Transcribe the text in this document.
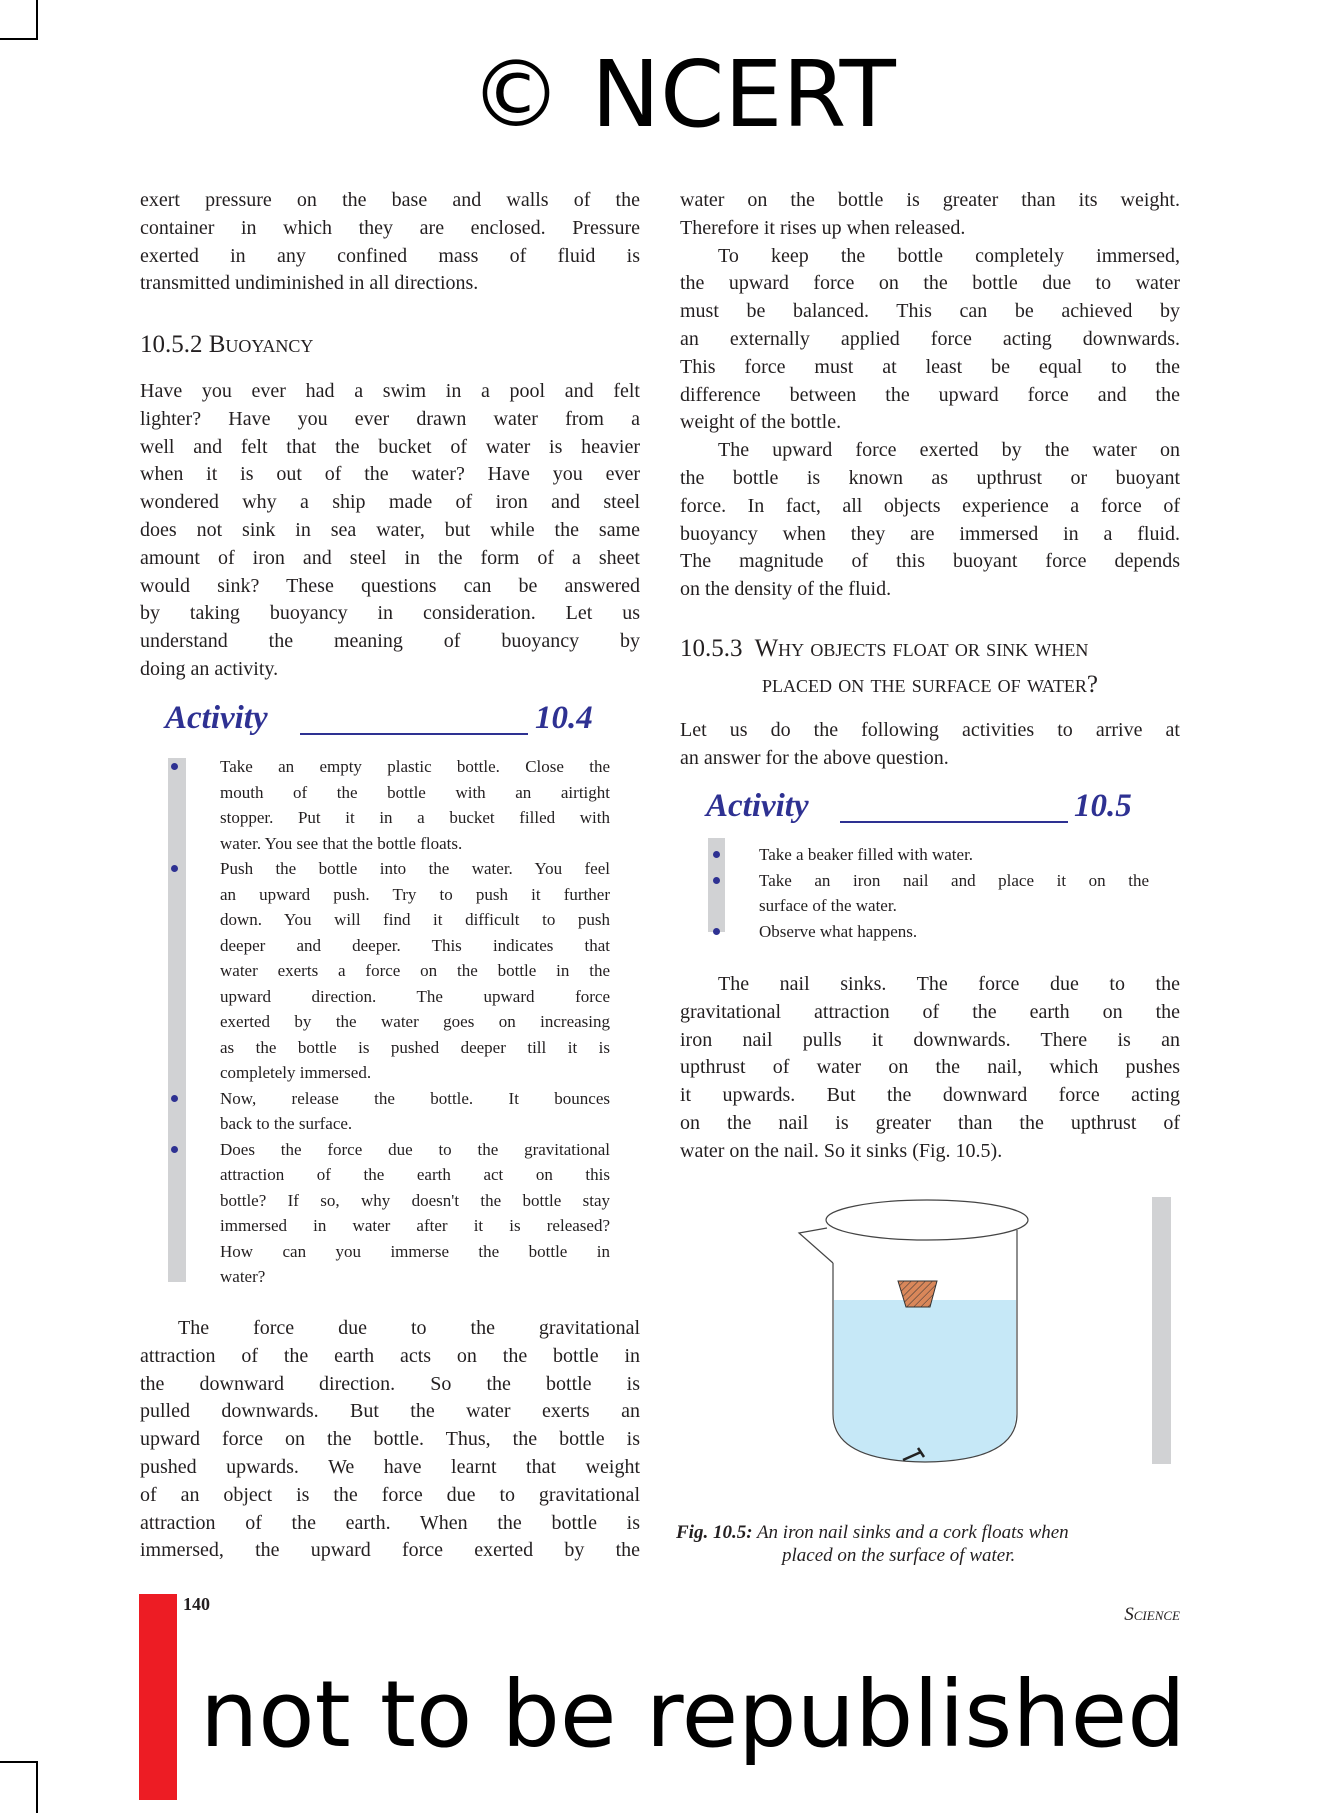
exert pressure on the base and walls of the
container in which they are enclosed. Pressure
exerted in any confined mass of fluid is
transmitted undiminished in all directions.
10.5.2 Buoyancy
Have you ever had a swim in a pool and felt
lighter? Have you ever drawn water from a
well and felt that the bucket of water is heavier
when it is out of the water? Have you ever
wondered why a ship made of iron and steel
does not sink in sea water, but while the same
amount of iron and steel in the form of a sheet
would sink? These questions can be answered
by taking buoyancy in consideration. Let us
understand the meaning of buoyancy by
doing an activity.
Activity	10.4
Take an empty plastic bottle. Close the
mouth of the bottle with an airtight
stopper. Put it in a bucket filled with
water. You see that the bottle floats.
Push the bottle into the water. You feel
an upward push. Try to push it further
down. You will find it difficult to push
deeper and deeper. This indicates that
water exerts a force on the bottle in the
upward direction. The upward force
exerted by the water goes on increasing
as the bottle is pushed deeper till it is
completely immersed.
Now, release the bottle. It bounces
back to the surface.
Does the force due to the gravitational
attraction of the earth act on this
bottle? If so, why doesn't the bottle stay
immersed in water after it is released?
How can you immerse the bottle in
water?
The force due to the gravitational
attraction of the earth acts on the bottle in
the downward direction. So the bottle is
pulled downwards. But the water exerts an
upward force on the bottle. Thus, the bottle is
pushed upwards. We have learnt that weight
of an object is the force due to gravitational
attraction of the earth. When the bottle is
immersed, the upward force exerted by the
water on the bottle is greater than its weight.
Therefore it rises up when released.
To keep the bottle completely immersed,
the upward force on the bottle due to water
must be balanced. This can be achieved by
an externally applied force acting downwards.
This force must at least be equal to the
difference between the upward force and the
weight of the bottle.
The upward force exerted by the water on
the bottle is known as upthrust or buoyant
force. In fact, all objects experience a force of
buoyancy when they are immersed in a fluid.
The magnitude of this buoyant force depends
on the density of the fluid.
10.5.3 Why objects float or sink when
placed on the surface of water?
Let us do the following activities to arrive at
an answer for the above question.
Activity	10.5
Take a beaker filled with water.
Take an iron nail and place it on the
surface of the water.
Observe what happens.
The nail sinks. The force due to the
gravitational attraction of the earth on the
iron nail pulls it downwards. There is an
upthrust of water on the nail, which pushes
it upwards. But the downward force acting
on the nail is greater than the upthrust of
water on the nail. So it sinks (Fig. 10.5).
Fig. 10.5: An iron nail sinks and a cork floats when
placed on the surface of water.
140	Science
© NCERT
not to be republished
